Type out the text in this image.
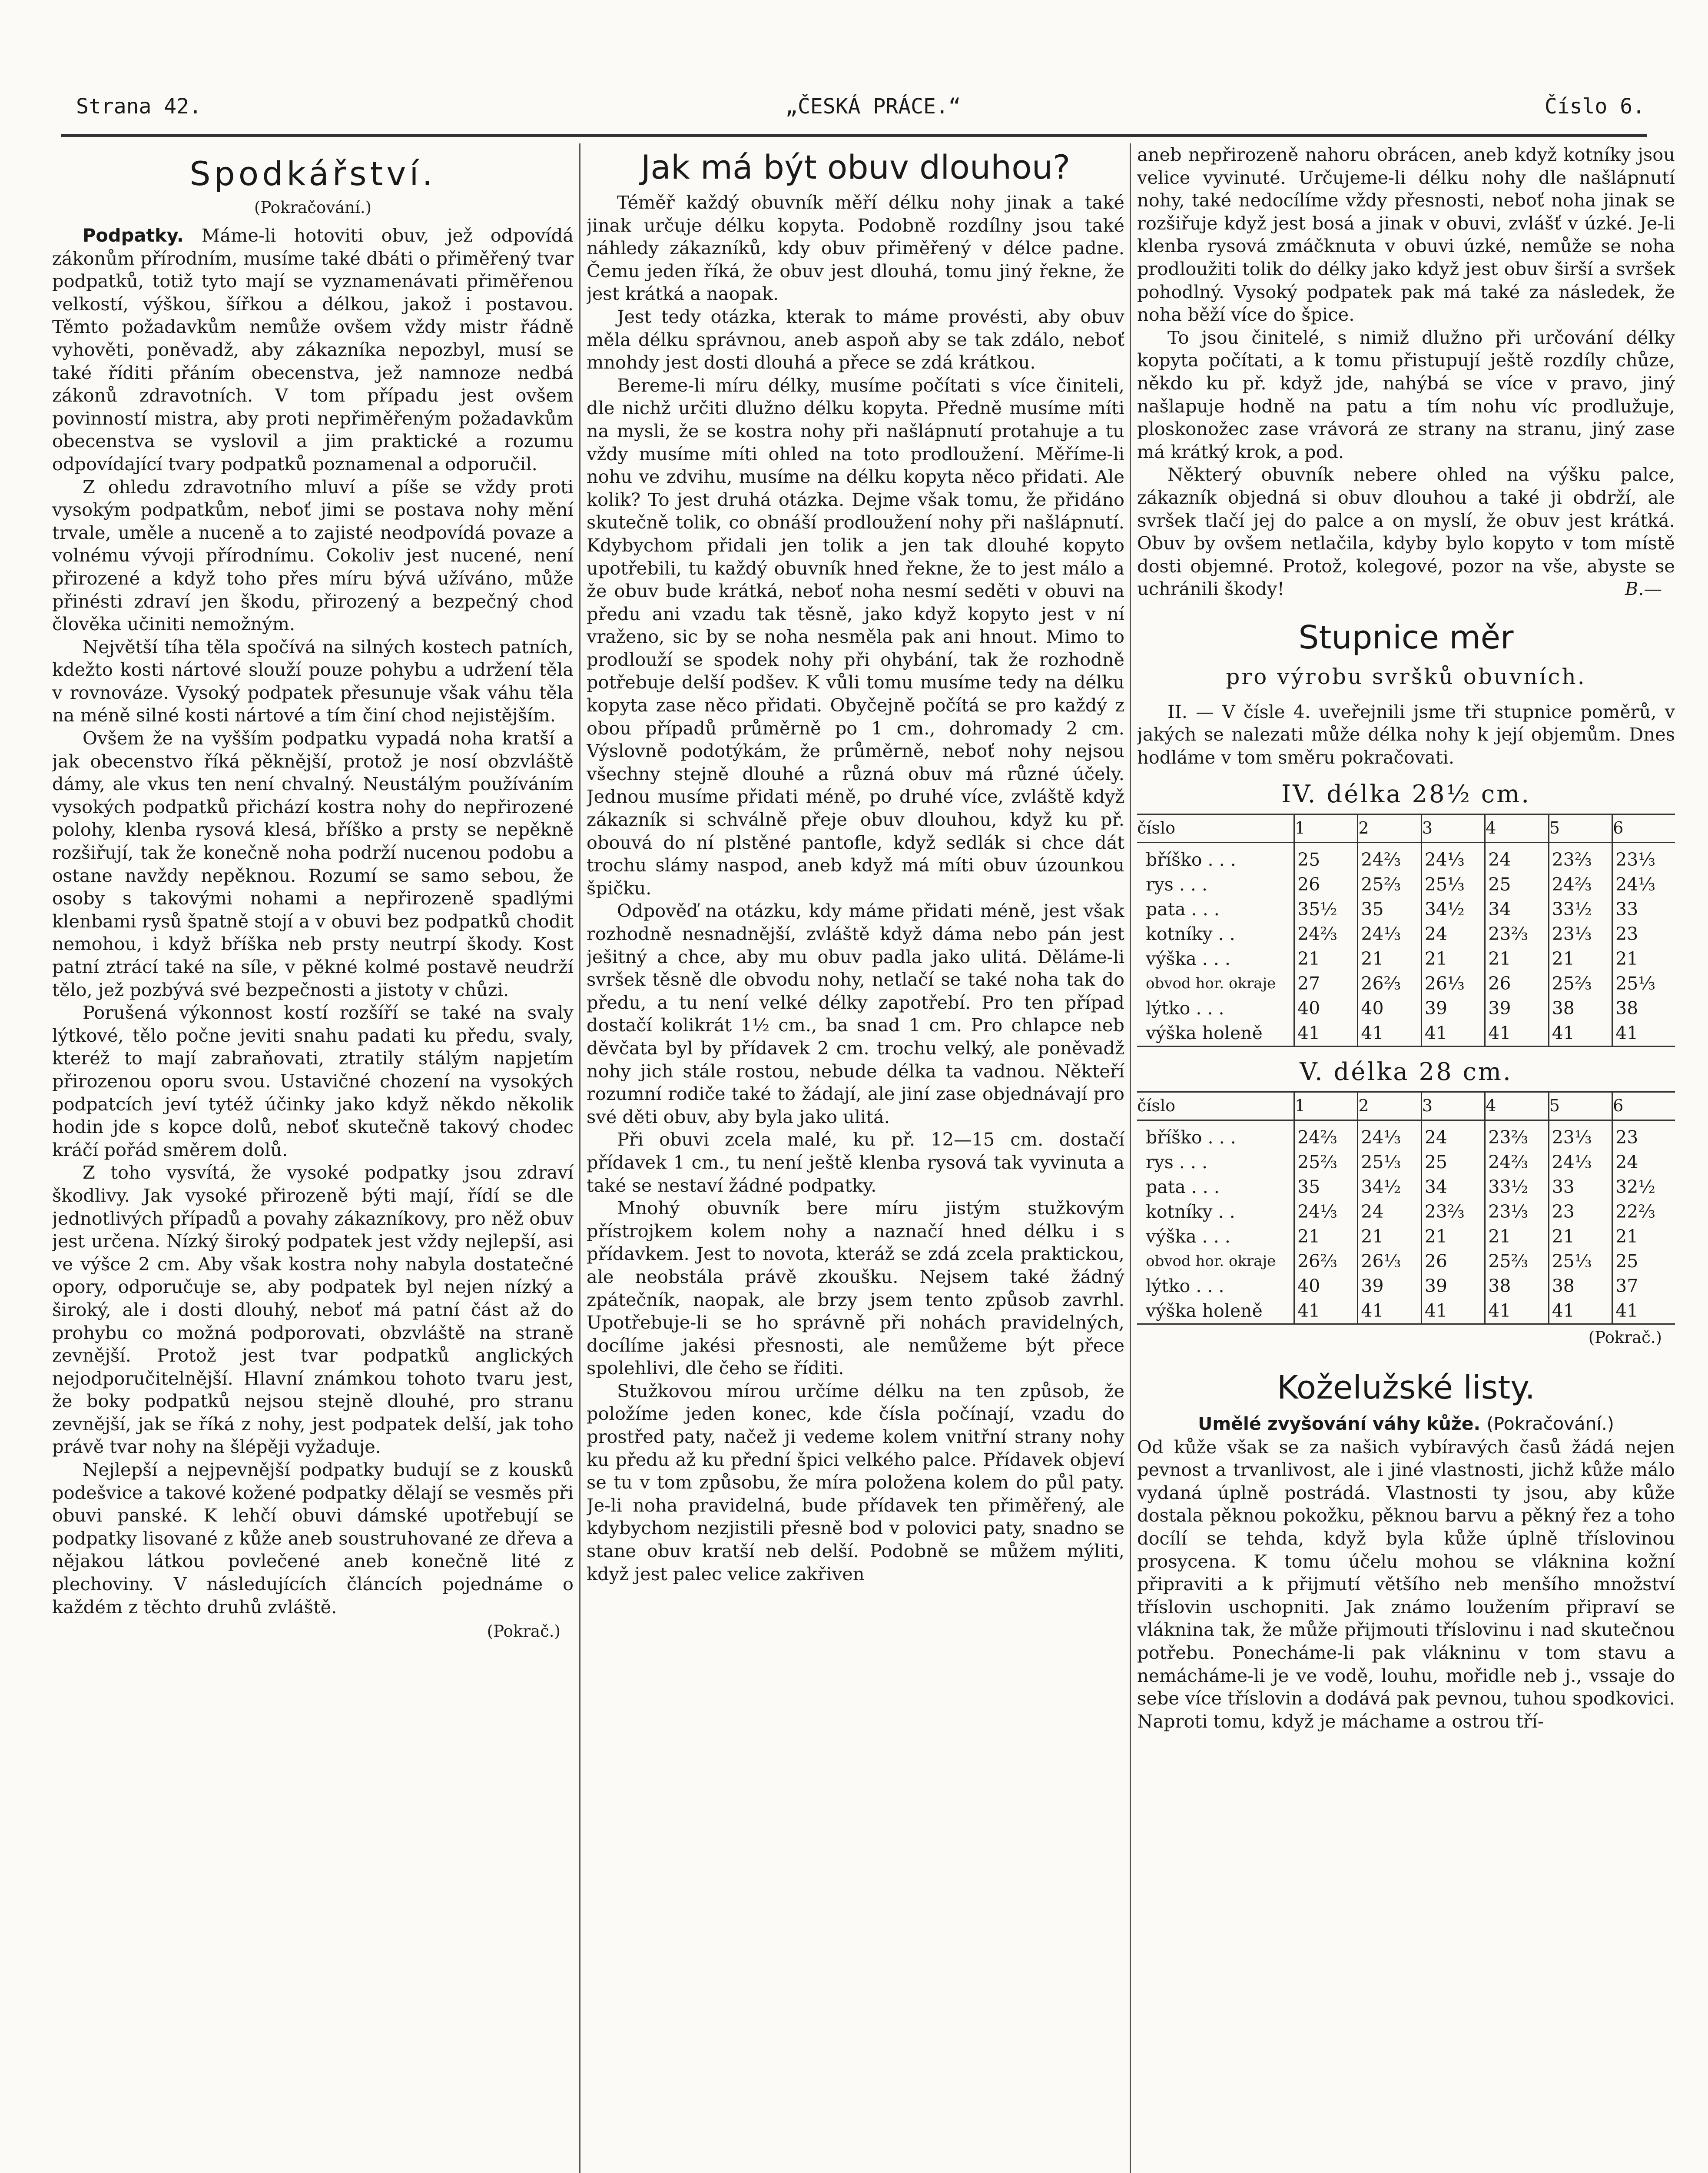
Strana 42.	„ČESKÁ PRÁCE.“	Číslo 6.
Spodkářství.
(Pokračování.)

Podpatky. Máme-li hotoviti obuv, jež odpovídá zákonům přírodním, musíme také dbáti o přiměřený tvar podpatků, totiž tyto mají se vyznamenávati přiměřenou velkostí, výškou, šířkou a délkou, jakož i postavou. Těmto požadavkům nemůže ovšem vždy mistr řádně vyhověti, poněvadž, aby zákazníka nepozbyl, musí se také říditi přáním obecenstva, jež namnoze nedbá zákonů zdravotních. V tom případu jest ovšem povinností mistra, aby proti nepřiměřeným požadavkům obecenstva se vyslovil a jim praktické a rozumu odpovídající tvary podpatků poznamenal a odporučil.

Z ohledu zdravotního mluví a píše se vždy proti vysokým podpatkům, neboť jimi se postava nohy mění trvale, uměle a nuceně a to zajisté neodpovídá povaze a volnému vývoji přírodnímu. Cokoliv jest nucené, není přirozené a když toho přes míru bývá užíváno, může přinésti zdraví jen škodu, přirozený a bezpečný chod člověka učiniti nemožným.

Největší tíha těla spočívá na silných kostech patních, kdežto kosti nártové slouží pouze pohybu a udržení těla v rovnováze. Vysoký podpatek přesunuje však váhu těla na méně silné kosti nártové a tím činí chod nejistějším.

Ovšem že na vyšším podpatku vypadá noha kratší a jak obecenstvo říká pěknější, protož je nosí obzvláště dámy, ale vkus ten není chvalný. Neustálým používáním vysokých podpatků přichází kostra nohy do nepřirozené polohy, klenba rysová klesá, bříško a prsty se nepěkně rozšiřují, tak že konečně noha podrží nucenou podobu a ostane navždy nepěknou. Rozumí se samo sebou, že osoby s takovými nohami a nepřirozeně spadlými klenbami rysů špatně stojí a v obuvi bez podpatků chodit nemohou, i když bříška neb prsty neutrpí škody. Kost patní ztrácí také na síle, v pěkné kolmé postavě neudrží tělo, jež pozbývá své bezpečnosti a jistoty v chůzi.

Porušená výkonnost kostí rozšíří se také na svaly lýtkové, tělo počne jeviti snahu padati ku předu, svaly, kteréž to mají zabraňovati, ztratily stálým napjetím přirozenou oporu svou. Ustavičné chození na vysokých podpatcích jeví tytéž účinky jako když někdo několik hodin jde s kopce dolů, neboť skutečně takový chodec kráčí pořád směrem dolů.

Z toho vysvítá, že vysoké podpatky jsou zdraví škodlivy. Jak vysoké přirozeně býti mají, řídí se dle jednotlivých případů a povahy zákazníkovy, pro něž obuv jest určena. Nízký široký podpatek jest vždy nejlepší, asi ve výšce 2 cm. Aby však kostra nohy nabyla dostatečné opory, odporučuje se, aby podpatek byl nejen nízký a široký, ale i dosti dlouhý, neboť má patní část až do prohybu co možná podporovati, obzvláště na straně zevnější. Protož jest tvar podpatků anglických nejodporučitelnější. Hlavní známkou tohoto tvaru jest, že boky podpatků nejsou stejně dlouhé, pro stranu zevnější, jak se říká z nohy, jest podpatek delší, jak toho právě tvar nohy na šlépěji vyžaduje.

Nejlepší a nejpevnější podpatky budují se z kousků podešvice a takové kožené podpatky dělají se vesměs při obuvi panské. K lehčí obuvi dámské upotřebují se podpatky lisované z kůže aneb soustruhované ze dřeva a nějakou látkou povlečené aneb konečně lité z plechoviny. V následujících článcích pojednáme o každém z těchto druhů zvláště.

(Pokrač.)
Jak má být obuv dlouhou?

Téměř každý obuvník měří délku nohy jinak a také jinak určuje délku kopyta. Podobně rozdílny jsou také náhledy zákazníků, kdy obuv přiměřený v délce padne. Čemu jeden říká, že obuv jest dlouhá, tomu jiný řekne, že jest krátká a naopak.

Jest tedy otázka, kterak to máme provésti, aby obuv měla délku správnou, aneb aspoň aby se tak zdálo, neboť mnohdy jest dosti dlouhá a přece se zdá krátkou.

Bereme-li míru délky, musíme počítati s více činiteli, dle nichž určiti dlužno délku kopyta. Předně musíme míti na mysli, že se kostra nohy při našlápnutí protahuje a tu vždy musíme míti ohled na toto prodloužení. Měříme-li nohu ve zdvihu, musíme na délku kopyta něco přidati. Ale kolik? To jest druhá otázka. Dejme však tomu, že přidáno skutečně tolik, co obnáší prodloužení nohy při našlápnutí. Kdybychom přidali jen tolik a jen tak dlouhé kopyto upotřebili, tu každý obuvník hned řekne, že to jest málo a že obuv bude krátká, neboť noha nesmí seděti v obuvi na předu ani vzadu tak těsně, jako když kopyto jest v ní vraženo, sic by se noha nesměla pak ani hnout. Mimo to prodlouží se spodek nohy při ohybání, tak že rozhodně potřebuje delší podšev. K vůli tomu musíme tedy na délku kopyta zase něco přidati. Obyčejně počítá se pro každý z obou případů průměrně po 1 cm., dohromady 2 cm. Výslovně podotýkám, že průměrně, neboť nohy nejsou všechny stejně dlouhé a různá obuv má různé účely. Jednou musíme přidati méně, po druhé více, zvláště když zákazník si schválně přeje obuv dlouhou, když ku př. obouvá do ní plstěné pantofle, když sedlák si chce dát trochu slámy naspod, aneb když má míti obuv úzounkou špičku.

Odpověď na otázku, kdy máme přidati méně, jest však rozhodně nesnadnější, zvláště když dáma nebo pán jest ješitný a chce, aby mu obuv padla jako ulitá. Děláme-li svršek těsně dle obvodu nohy, netlačí se také noha tak do předu, a tu není velké délky zapotřebí. Pro ten případ dostačí kolikrát 1½ cm., ba snad 1 cm. Pro chlapce neb děvčata byl by přídavek 2 cm. trochu velký, ale poněvadž nohy jich stále rostou, nebude délka ta vadnou. Někteří rozumní rodiče také to žádají, ale jiní zase objednávají pro své děti obuv, aby byla jako ulitá.

Při obuvi zcela malé, ku př. 12—15 cm. dostačí přídavek 1 cm., tu není ještě klenba rysová tak vyvinuta a také se nestaví žádné podpatky.

Mnohý obuvník bere míru jistým stužkovým přístrojkem kolem nohy a naznačí hned délku i s přídavkem. Jest to novota, kteráž se zdá zcela praktickou, ale neobstála právě zkoušku. Nejsem také žádný zpátečník, naopak, ale brzy jsem tento způsob zavrhl. Upotřebuje-li se ho správně při nohách pravidelných, docílíme jakési přesnosti, ale nemůžeme být přece spolehlivi, dle čeho se říditi.

Stužkovou mírou určíme délku na ten způsob, že položíme jeden konec, kde čísla počínají, vzadu do prostřed paty, načež ji vedeme kolem vnitřní strany nohy ku předu až ku přední špici velkého palce. Přídavek objeví se tu v tom způsobu, že míra položena kolem do půl paty. Je-li noha pravidelná, bude přídavek ten přiměřený, ale kdybychom nezjistili přesně bod v polovici paty, snadno se stane obuv kratší neb delší. Podobně se můžem mýliti, když jest palec velice zakřiven

aneb nepřirozeně nahoru obrácen, aneb když kotníky jsou velice vyvinuté. Určujeme-li délku nohy dle našlápnutí nohy, také nedocílíme vždy přesnosti, neboť noha jinak se rozšiřuje když jest bosá a jinak v obuvi, zvlášť v úzké. Je-li klenba rysová zmáčknuta v obuvi úzké, nemůže se noha prodloužiti tolik do délky jako když jest obuv širší a svršek pohodlný. Vysoký podpatek pak má také za následek, že noha běží více do špice.

To jsou činitelé, s nimiž dlužno při určování délky kopyta počítati, a k tomu přistupují ještě rozdíly chůze, někdo ku př. když jde, nahýbá se více v pravo, jiný našlapuje hodně na patu a tím nohu víc prodlužuje, ploskonožec zase vrávorá ze strany na stranu, jiný zase má krátký krok, a pod.

Některý obuvník nebere ohled na výšku palce, zákazník objedná si obuv dlouhou a také ji obdrží, ale svršek tlačí jej do palce a on myslí, že obuv jest krátká. Obuv by ovšem netlačila, kdyby bylo kopyto v tom místě dosti objemné. Protož, kolegové, pozor na vše, abyste se uchránili škody!	B.—

Stupnice měr
pro výrobu svršků obuvních.

II. — V čísle 4. uveřejnili jsme tři stupnice poměrů, v jakých se nalezati může délka nohy k její objemům. Dnes hodláme v tom směru pokračovati.

IV. délka 28½ cm.
číslo	1	2	3	4	5	6
bříško . . .	25	24⅔	24⅓	24	23⅔	23⅓
rys . . .	26	25⅔	25⅓	25	24⅔	24⅓
pata . . .	35½	35	34½	34	33½	33
kotníky . .	24⅔	24⅓	24	23⅔	23⅓	23
výška . . .	21	21	21	21	21	21
obvod hor. okraje	27	26⅔	26⅓	26	25⅔	25⅓
lýtko . . .	40	40	39	39	38	38
výška holeně	41	41	41	41	41	41
V. délka 28 cm.
číslo	1	2	3	4	5	6
bříško . . .	24⅔	24⅓	24	23⅔	23⅓	23
rys . . .	25⅔	25⅓	25	24⅔	24⅓	24
pata . . .	35	34½	34	33½	33	32½
kotníky . .	24⅓	24	23⅔	23⅓	23	22⅔
výška . . .	21	21	21	21	21	21
obvod hor. okraje	26⅔	26⅓	26	25⅔	25⅓	25
lýtko . . .	40	39	39	38	38	37
výška holeně	41	41	41	41	41	41
(Pokrač.)
Koželužské listy.
Umělé zvyšování váhy kůže. (Pokračování.)

Od kůže však se za našich vybíravých časů žádá nejen pevnost a trvanlivost, ale i jiné vlastnosti, jichž kůže málo vydaná úplně postrádá. Vlastnosti ty jsou, aby kůže dostala pěknou pokožku, pěknou barvu a pěkný řez a toho docílí se tehda, když byla kůže úplně tříslovinou prosycena. K tomu účelu mohou se vláknina kožní připraviti a k přijmutí většího neb menšího množství tříslovin uschopniti. Jak známo loužením připraví se vláknina tak, že může přijmouti tříslovinu i nad skutečnou potřebu. Ponecháme-li pak vlákninu v tom stavu a nemácháme-li je ve vodě, louhu, mořidle neb j., vssaje do sebe více tříslovin a dodává pak pevnou, tuhou spodkovici. Naproti tomu, když je máchame a ostrou tří-
